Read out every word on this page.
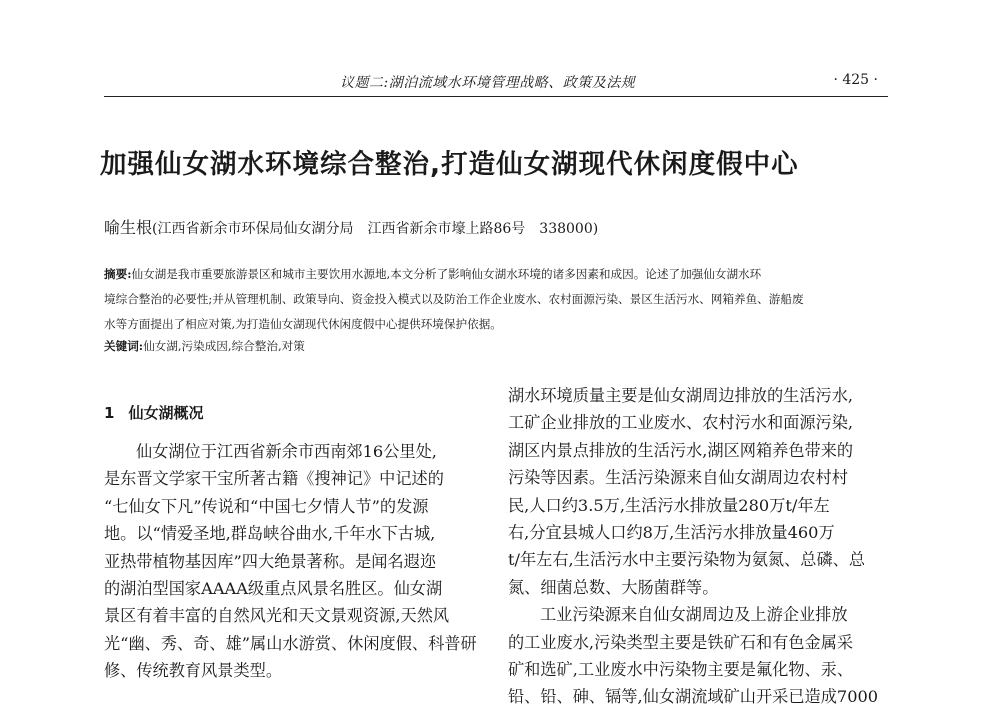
议题二:湖泊流域水环境管理战略、政策及法规	· 425 ·
加强仙女湖水环境综合整治,打造仙女湖现代休闲度假中心
喻生根(江西省新余市环保局仙女湖分局　江西省新余市壕上路86号　338000)
摘要:仙女湖是我市重要旅游景区和城市主要饮用水源地,本文分析了影响仙女湖水环境的诸多因素和成因。论述了加强仙女湖水环
境综合整治的必要性;并从管理机制、政策导向、资金投入模式以及防治工作企业废水、农村面源污染、景区生活污水、网箱养鱼、游船废
水等方面提出了相应对策,为打造仙女湖现代休闲度假中心提供环境保护依据。
关键词:仙女湖,污染成因,综合整治,对策
1 仙女湖概况
仙女湖位于江西省新余市西南郊16公里处,
是东晋文学家干宝所著古籍《搜神记》中记述的
“七仙女下凡”传说和“中国七夕情人节”的发源
地。以“情爱圣地,群岛峡谷曲水,千年水下古城,
亚热带植物基因库”四大绝景著称。是闻名遐迩
的湖泊型国家AAAA级重点风景名胜区。仙女湖
景区有着丰富的自然风光和天文景观资源,天然风
光“幽、秀、奇、雄”属山水游赏、休闲度假、科普研
修、传统教育风景类型。
湖水环境质量主要是仙女湖周边排放的生活污水,
工矿企业排放的工业废水、农村污水和面源污染,
湖区内景点排放的生活污水,湖区网箱养色带来的
污染等因素。生活污染源来自仙女湖周边农村村
民,人口约3.5万,生活污水排放量280万t/年左
右,分宜县城人口约8万,生活污水排放量460万
t/年左右,生活污水中主要污染物为氨氮、总磷、总
氮、细菌总数、大肠菌群等。
工业污染源来自仙女湖周边及上游企业排放
的工业废水,污染类型主要是铁矿石和有色金属采
矿和选矿,工业废水中污染物主要是氟化物、汞、
铅、铅、砷、镉等,仙女湖流域矿山开采已造成7000
